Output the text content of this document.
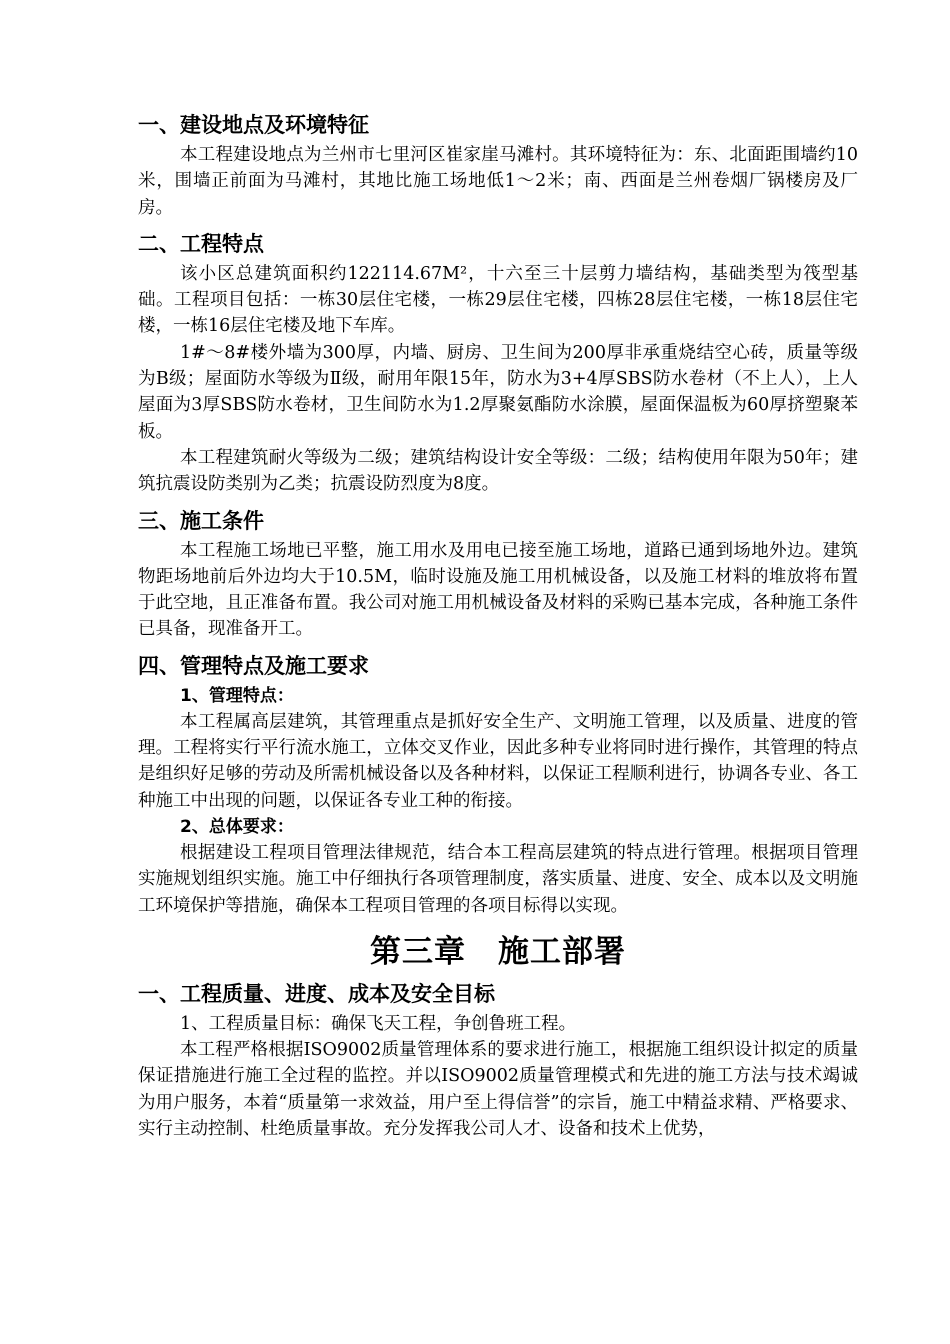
一、建设地点及环境特征

本工程建设地点为兰州市七里河区崔家崖马滩村。其环境特征为：东、北面距围墙约10米，围墙正前面为马滩村，其地比施工场地低1～2米；南、西面是兰州卷烟厂锅楼房及厂房。

二、工程特点

该小区总建筑面积约122114.67M²，十六至三十层剪力墙结构，基础类型为筏型基础。工程项目包括：一栋30层住宅楼，一栋29层住宅楼，四栋28层住宅楼，一栋18层住宅楼，一栋16层住宅楼及地下车库。

1#～8#楼外墙为300厚，内墙、厨房、卫生间为200厚非承重烧结空心砖，质量等级为B级；屋面防水等级为Ⅱ级，耐用年限15年，防水为3+4厚SBS防水卷材（不上人），上人屋面为3厚SBS防水卷材，卫生间防水为1.2厚聚氨酯防水涂膜，屋面保温板为60厚挤塑聚苯板。

本工程建筑耐火等级为二级；建筑结构设计安全等级：二级；结构使用年限为50年；建筑抗震设防类别为乙类；抗震设防烈度为8度。

三、施工条件

本工程施工场地已平整，施工用水及用电已接至施工场地，道路已通到场地外边。建筑物距场地前后外边均大于10.5M，临时设施及施工用机械设备，以及施工材料的堆放将布置于此空地，且正准备布置。我公司对施工用机械设备及材料的采购已基本完成，各种施工条件已具备，现准备开工。

四、管理特点及施工要求
1、管理特点：

本工程属高层建筑，其管理重点是抓好安全生产、文明施工管理，以及质量、进度的管理。工程将实行平行流水施工，立体交叉作业，因此多种专业将同时进行操作，其管理的特点是组织好足够的劳动及所需机械设备以及各种材料，以保证工程顺利进行，协调各专业、各工种施工中出现的问题，以保证各专业工种的衔接。

2、总体要求：

根据建设工程项目管理法律规范，结合本工程高层建筑的特点进行管理。根据项目管理实施规划组织实施。施工中仔细执行各项管理制度，落实质量、进度、安全、成本以及文明施工环境保护等措施，确保本工程项目管理的各项目标得以实现。

第三章　施工部署
一、工程质量、进度、成本及安全目标

1、工程质量目标：确保飞天工程，争创鲁班工程。

本工程严格根据ISO9002质量管理体系的要求进行施工，根据施工组织设计拟定的质量保证措施进行施工全过程的监控。并以ISO9002质量管理模式和先进的施工方法与技术竭诚为用户服务，本着“质量第一求效益，用户至上得信誉”的宗旨，施工中精益求精、严格要求、实行主动控制、杜绝质量事故。充分发挥我公司人才、设备和技术上优势，
